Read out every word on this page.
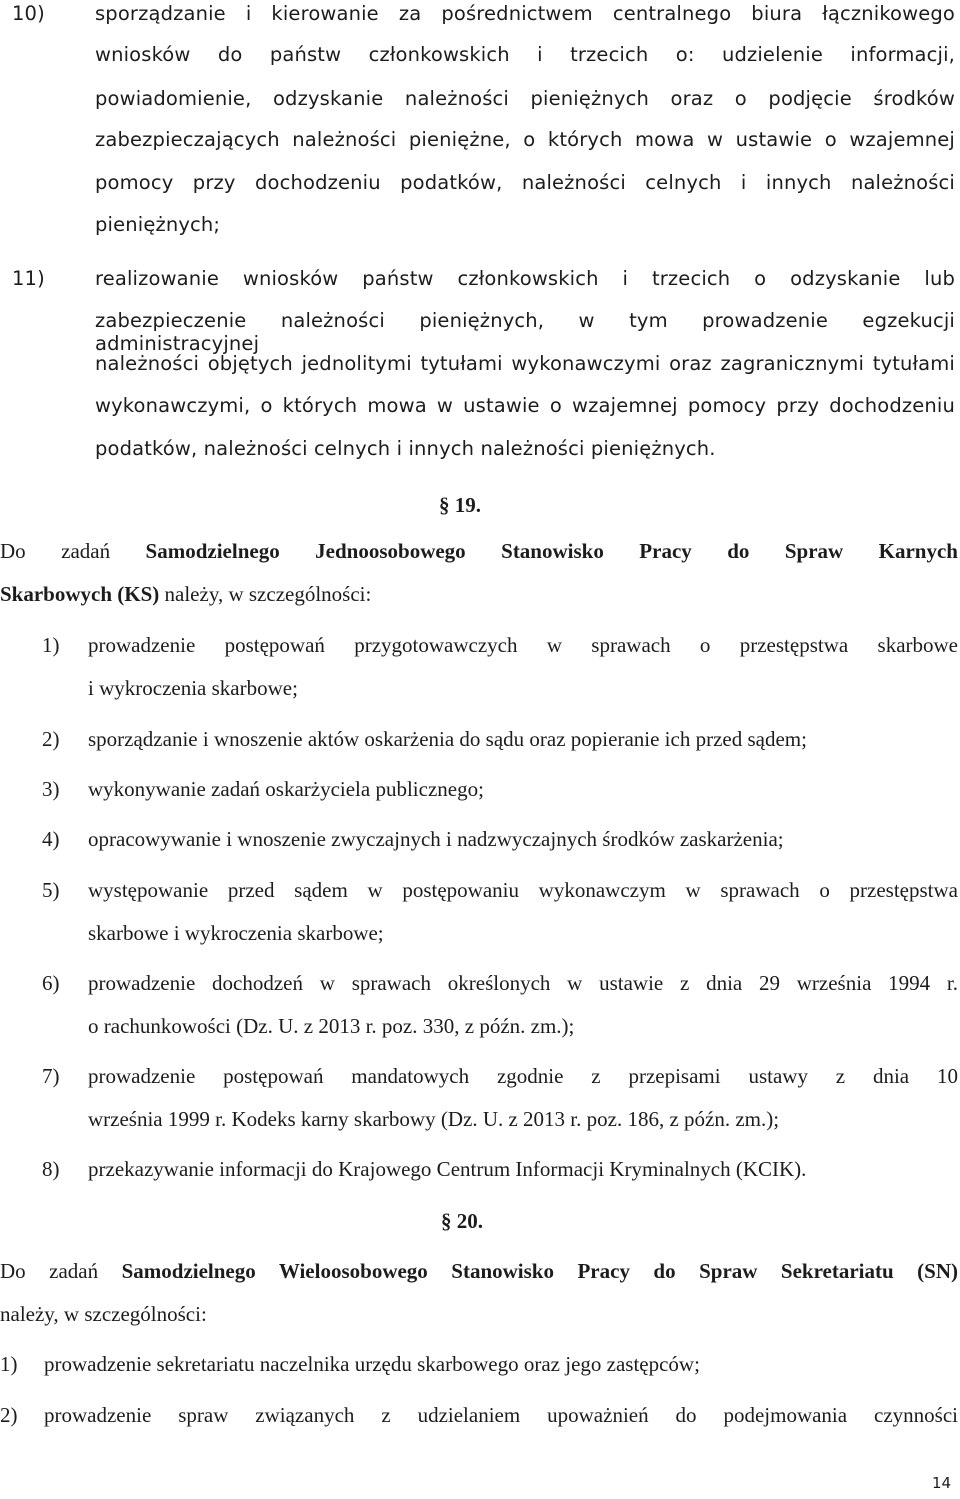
10)	sporządzanie i kierowanie za pośrednictwem centralnego biura łącznikowego
wniosków do państw członkowskich i trzecich o: udzielenie informacji,
powiadomienie, odzyskanie należności pieniężnych oraz o podjęcie środków
zabezpieczających należności pieniężne, o których mowa w ustawie o wzajemnej
pomocy przy dochodzeniu podatków, należności celnych i innych należności
pieniężnych;
11)	realizowanie wniosków państw członkowskich i trzecich o odzyskanie lub
zabezpieczenie należności pieniężnych, w tym prowadzenie egzekucji administracyjnej
należności objętych jednolitymi tytułami wykonawczymi oraz zagranicznymi tytułami
wykonawczymi, o których mowa w ustawie o wzajemnej pomocy przy dochodzeniu
podatków, należności celnych i innych należności pieniężnych.
§ 19.
Do zadań Samodzielnego Jednoosobowego Stanowisko Pracy do Spraw Karnych
Skarbowych (KS) należy, w szczególności:
1) prowadzenie postępowań przygotowawczych w sprawach o przestępstwa skarbowe
i wykroczenia skarbowe;
2) sporządzanie i wnoszenie aktów oskarżenia do sądu oraz popieranie ich przed sądem;
3) wykonywanie zadań oskarżyciela publicznego;
4) opracowywanie i wnoszenie zwyczajnych i nadzwyczajnych środków zaskarżenia;
5) występowanie przed sądem w postępowaniu wykonawczym w sprawach o przestępstwa
skarbowe i wykroczenia skarbowe;
6) prowadzenie dochodzeń w sprawach określonych w ustawie z dnia 29 września 1994 r.
o rachunkowości (Dz. U. z 2013 r. poz. 330, z późn. zm.);
7) prowadzenie postępowań mandatowych zgodnie z przepisami ustawy z dnia 10
września 1999 r. Kodeks karny skarbowy (Dz. U. z 2013 r. poz. 186, z późn. zm.);
8) przekazywanie informacji do Krajowego Centrum Informacji Kryminalnych (KCIK).
§ 20.
Do zadań Samodzielnego Wieloosobowego Stanowisko Pracy do Spraw Sekretariatu (SN)
należy, w szczególności:
1) prowadzenie sekretariatu naczelnika urzędu skarbowego oraz jego zastępców;
2) prowadzenie spraw związanych z udzielaniem upoważnień do podejmowania czynności
14
